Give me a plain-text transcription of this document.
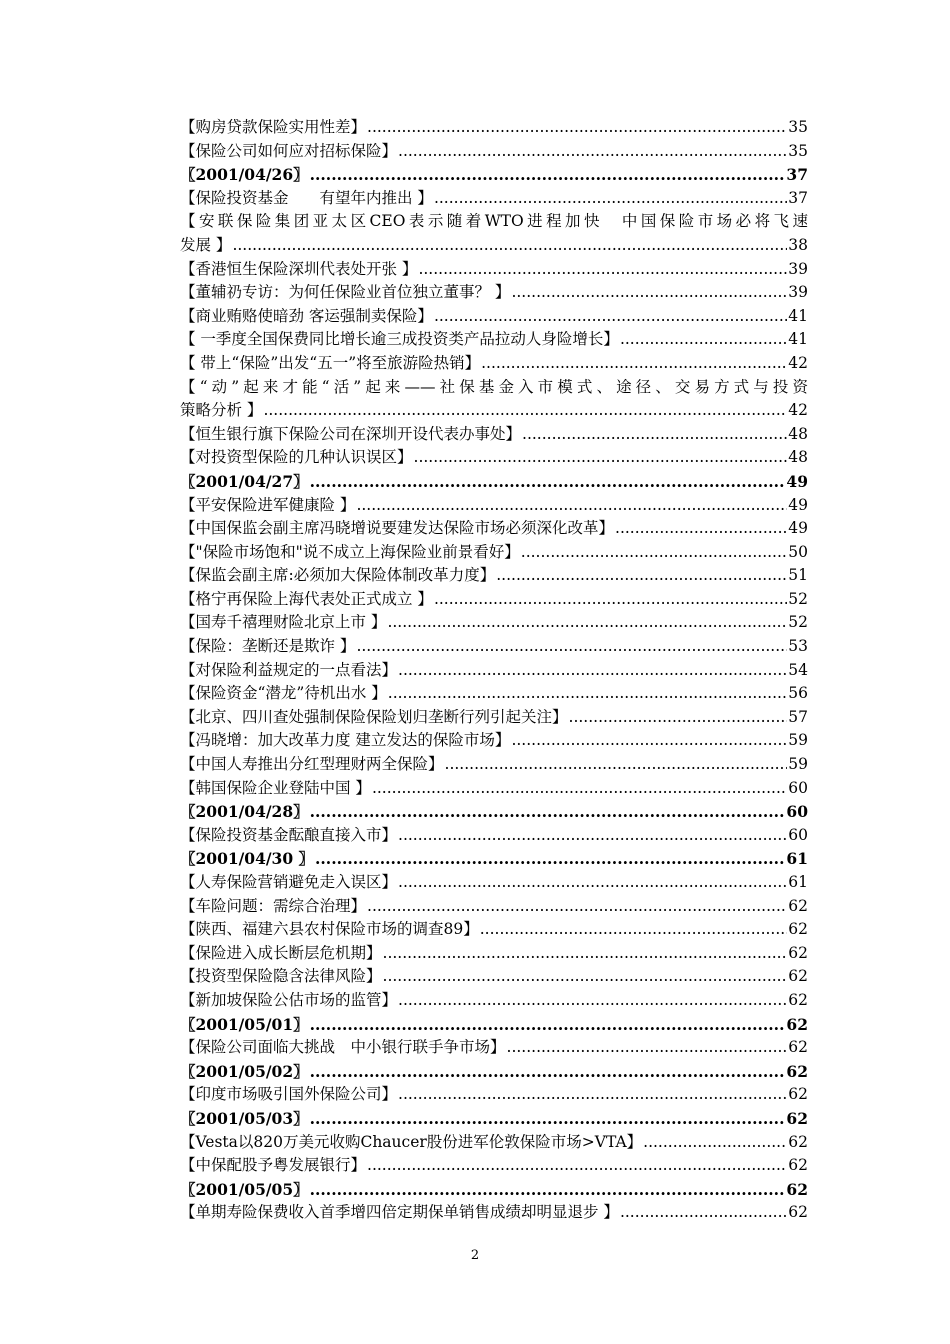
【购房贷款保险实用性差】 .....	35
【保险公司如何应对招标保险】 .....	35
〖2001/04/26〗 .....	37
【保险投资基金　　有望年内推出 】 .....	37
【安联保险集团亚太区CEO表示随着WTO进程加快　中国保险市场必将飞速
发展 】 .....	38
【香港恒生保险深圳代表处开张 】 .....	39
【董辅礽专访：为何任保险业首位独立董事？ 】 .....	39
【商业贿赂使暗劲 客运强制卖保险】 .....	41
【 一季度全国保费同比增长逾三成投资类产品拉动人身险增长】 .....	41
【 带上“保险”出发“五一”将至旅游险热销】 .....	42
【“动”起来才能“活”起来——社保基金入市模式、途径、交易方式与投资
策略分析 】 .....	42
【恒生银行旗下保险公司在深圳开设代表办事处】 .....	48
【对投资型保险的几种认识误区】 .....	48
〖2001/04/27〗 .....	49
【平安保险进军健康险 】 .....	49
【中国保监会副主席冯晓增说要建发达保险市场必须深化改革】 .....	49
【"保险市场饱和"说不成立上海保险业前景看好】 .....	50
【保监会副主席:必须加大保险体制改革力度】 .....	51
【格宁再保险上海代表处正式成立 】 .....	52
【国寿千禧理财险北京上市 】 .....	52
【保险：垄断还是欺诈 】 .....	53
【对保险利益规定的一点看法】 .....	54
【保险资金“潜龙”待机出水 】 .....	56
【北京、四川查处强制保险保险划归垄断行列引起关注】 .....	57
【冯晓增：加大改革力度 建立发达的保险市场】 .....	59
【中国人寿推出分红型理财两全保险】 .....	59
【韩国保险企业登陆中国 】 .....	60
〖2001/04/28〗 .....	60
【保险投资基金酝酿直接入市】 .....	60
〖2001/04/30 〗 .....	61
【人寿保险营销避免走入误区】 .....	61
【车险问题：需综合治理】 .....	62
【陕西、福建六县农村保险市场的调查89】 .....	62
【保险进入成长断层危机期】 .....	62
【投资型保险隐含法律风险】 .....	62
【新加坡保险公估市场的监管】 .....	62
〖2001/05/01〗 .....	62
【保险公司面临大挑战　中小银行联手争市场】 .....	62
〖2001/05/02〗 .....	62
【印度市场吸引国外保险公司】 .....	62
〖2001/05/03〗 .....	62
【Vesta以820万美元收购Chaucer股份进军伦敦保险市场>VTA】 .....	62
【中保配股予粤发展银行】 .....	62
〖2001/05/05〗 .....	62
【单期寿险保费收入首季增四倍定期保单销售成绩却明显退步 】 .....	62
2
